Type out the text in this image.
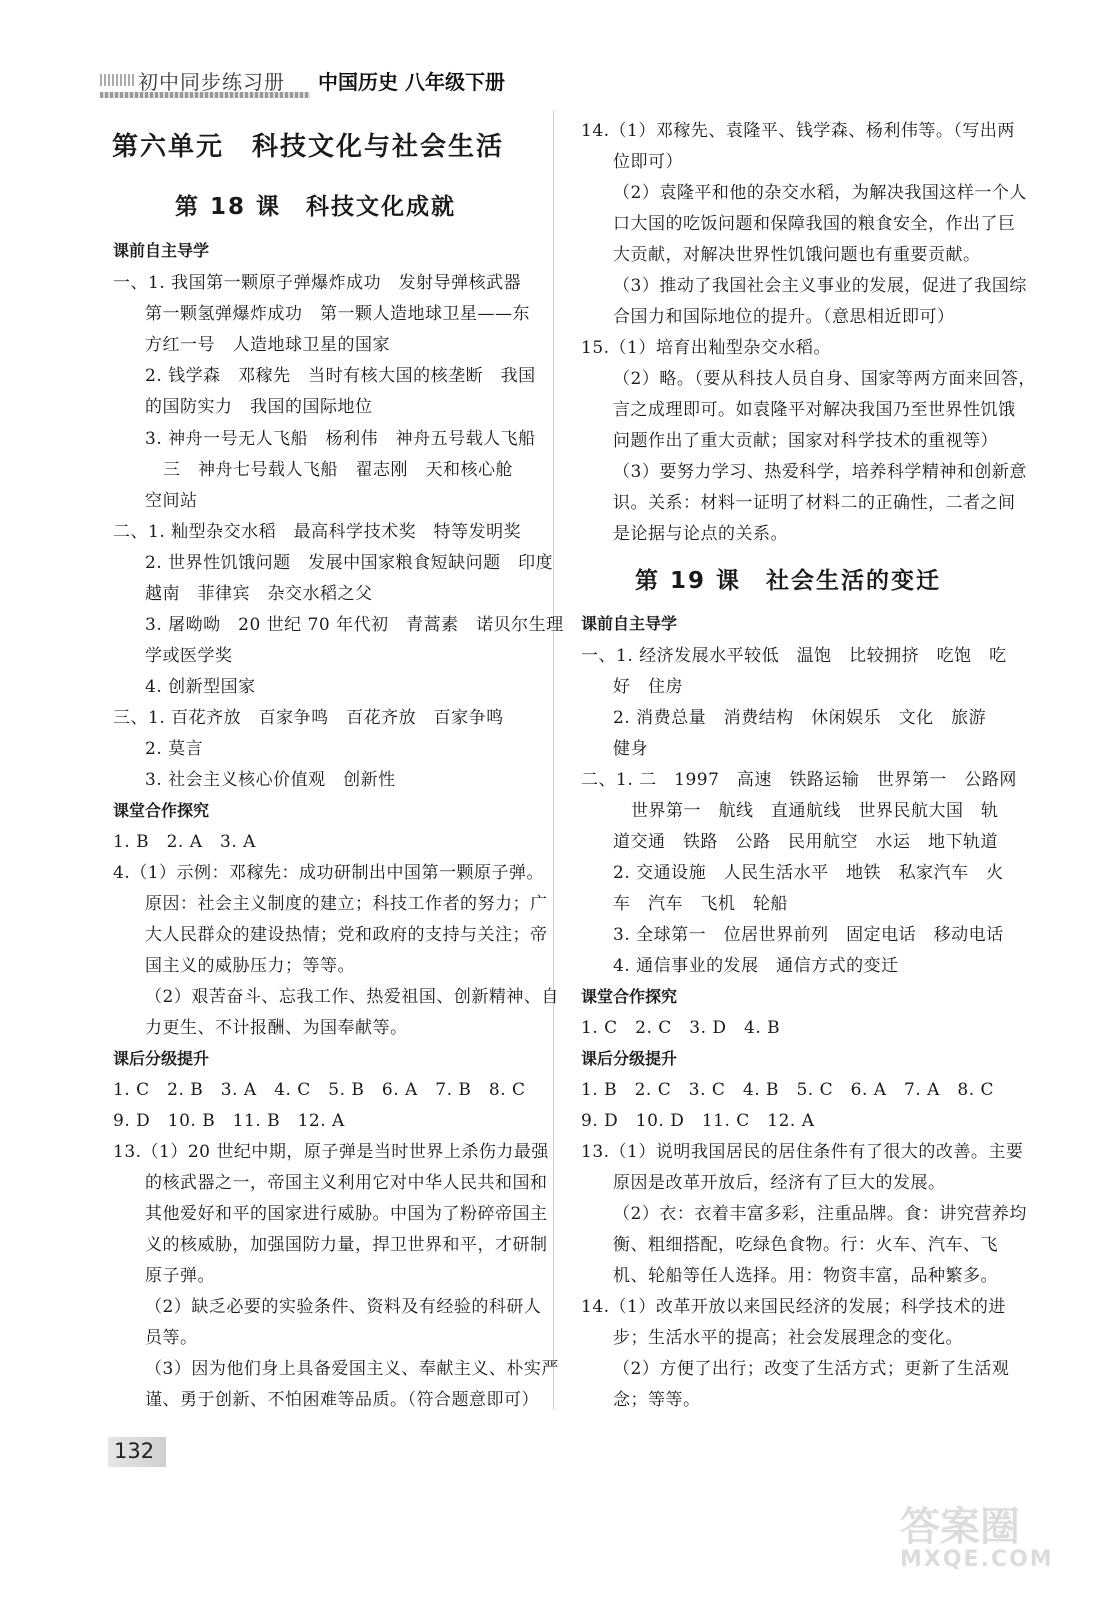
初中同步练习册 中国历史 八年级下册
第六单元　科技文化与社会生活
第 18 课　科技文化成就
课前自主导学
一、1. 我国第一颗原子弹爆炸成功　发射导弹核武器
第一颗氢弹爆炸成功　第一颗人造地球卫星——东
方红一号　人造地球卫星的国家
2. 钱学森　邓稼先　当时有核大国的核垄断　我国
的国防实力　我国的国际地位
3. 神舟一号无人飞船　杨利伟　神舟五号载人飞船
三　神舟七号载人飞船　翟志刚　天和核心舱
空间站
二、1. 籼型杂交水稻　最高科学技术奖　特等发明奖
2. 世界性饥饿问题　发展中国家粮食短缺问题　印度
越南　菲律宾　杂交水稻之父
3. 屠呦呦　20 世纪 70 年代初　青蒿素　诺贝尔生理
学或医学奖
4. 创新型国家
三、1. 百花齐放　百家争鸣　百花齐放　百家争鸣
2. 莫言
3. 社会主义核心价值观　创新性
课堂合作探究
1. B　2. A　3. A
4.（1）示例：邓稼先：成功研制出中国第一颗原子弹。
原因：社会主义制度的建立；科技工作者的努力；广
大人民群众的建设热情；党和政府的支持与关注；帝
国主义的威胁压力；等等。
（2）艰苦奋斗、忘我工作、热爱祖国、创新精神、自
力更生、不计报酬、为国奉献等。
课后分级提升
1. C　2. B　3. A　4. C　5. B　6. A　7. B　8. C
9. D　10. B　11. B　12. A
13.（1）20 世纪中期，原子弹是当时世界上杀伤力最强
的核武器之一，帝国主义利用它对中华人民共和国和
其他爱好和平的国家进行威胁。中国为了粉碎帝国主
义的核威胁，加强国防力量，捍卫世界和平，才研制
原子弹。
（2）缺乏必要的实验条件、资料及有经验的科研人
员等。
（3）因为他们身上具备爱国主义、奉献主义、朴实严
谨、勇于创新、不怕困难等品质。（符合题意即可）
14.（1）邓稼先、袁隆平、钱学森、杨利伟等。（写出两
位即可）
（2）袁隆平和他的杂交水稻，为解决我国这样一个人
口大国的吃饭问题和保障我国的粮食安全，作出了巨
大贡献，对解决世界性饥饿问题也有重要贡献。
（3）推动了我国社会主义事业的发展，促进了我国综
合国力和国际地位的提升。（意思相近即可）
15.（1）培育出籼型杂交水稻。
（2）略。（要从科技人员自身、国家等两方面来回答，
言之成理即可。如袁隆平对解决我国乃至世界性饥饿
问题作出了重大贡献；国家对科学技术的重视等）
（3）要努力学习、热爱科学，培养科学精神和创新意
识。关系：材料一证明了材料二的正确性，二者之间
是论据与论点的关系。
第 19 课　社会生活的变迁
课前自主导学
一、1. 经济发展水平较低　温饱　比较拥挤　吃饱　吃
好　住房
2. 消费总量　消费结构　休闲娱乐　文化　旅游
健身
二、1. 二　1997　高速　铁路运输　世界第一　公路网
世界第一　航线　直通航线　世界民航大国　轨
道交通　铁路　公路　民用航空　水运　地下轨道
2. 交通设施　人民生活水平　地铁　私家汽车　火
车　汽车　飞机　轮船
3. 全球第一　位居世界前列　固定电话　移动电话
4. 通信事业的发展　通信方式的变迁
课堂合作探究
1. C　2. C　3. D　4. B
课后分级提升
1. B　2. C　3. C　4. B　5. C　6. A　7. A　8. C
9. D　10. D　11. C　12. A
13.（1）说明我国居民的居住条件有了很大的改善。主要
原因是改革开放后，经济有了巨大的发展。
（2）衣：衣着丰富多彩，注重品牌。食：讲究营养均
衡、粗细搭配，吃绿色食物。行：火车、汽车、飞
机、轮船等任人选择。用：物资丰富，品种繁多。
14.（1）改革开放以来国民经济的发展；科学技术的进
步；生活水平的提高；社会发展理念的变化。
（2）方便了出行；改变了生活方式；更新了生活观
念；等等。
132
答案圈
MXQE.COM
